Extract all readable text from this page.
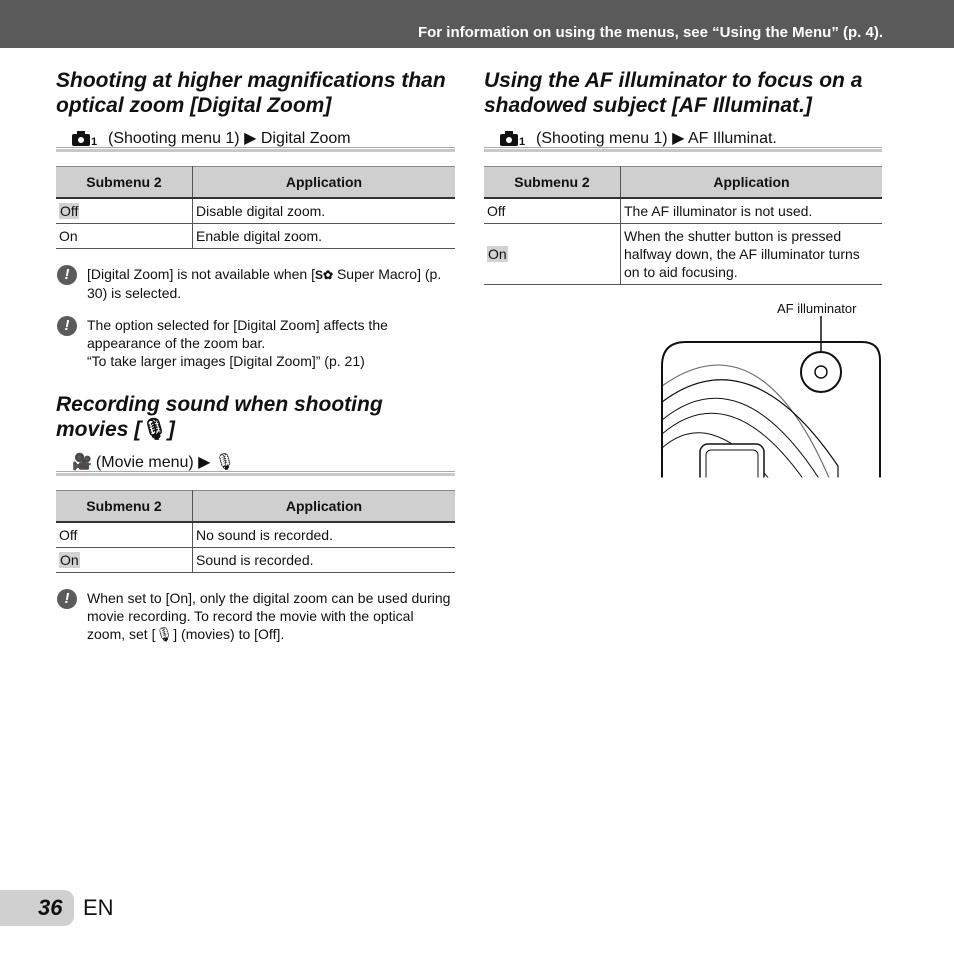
For information on using the menus, see “Using the Menu” (p. 4).
Shooting at higher magnifications than optical zoom [Digital Zoom]
1 (Shooting menu 1) ▶ Digital Zoom
Submenu 2	Application
Off	Disable digital zoom.
On	Enable digital zoom.
!	[Digital Zoom] is not available when [S✿ Super Macro] (p. 30) is selected.
!	The option selected for [Digital Zoom] affects the appearance of the zoom bar.
“To take larger images [Digital Zoom]” (p. 21)
Recording sound when shooting movies [🎙]
🎥 (Movie menu) ▶ 🎙
Submenu 2	Application
Off	No sound is recorded.
On	Sound is recorded.
!	When set to [On], only the digital zoom can be used during movie recording. To record the movie with the optical zoom, set [🎙] (movies) to [Off].
Using the AF illuminator to focus on a shadowed subject [AF Illuminat.]
1 (Shooting menu 1) ▶ AF Illuminat.
Submenu 2	Application
Off	The AF illuminator is not used.
On	When the shutter button is pressed halfway down, the AF illuminator turns on to aid focusing.
AF illuminator
36 EN
